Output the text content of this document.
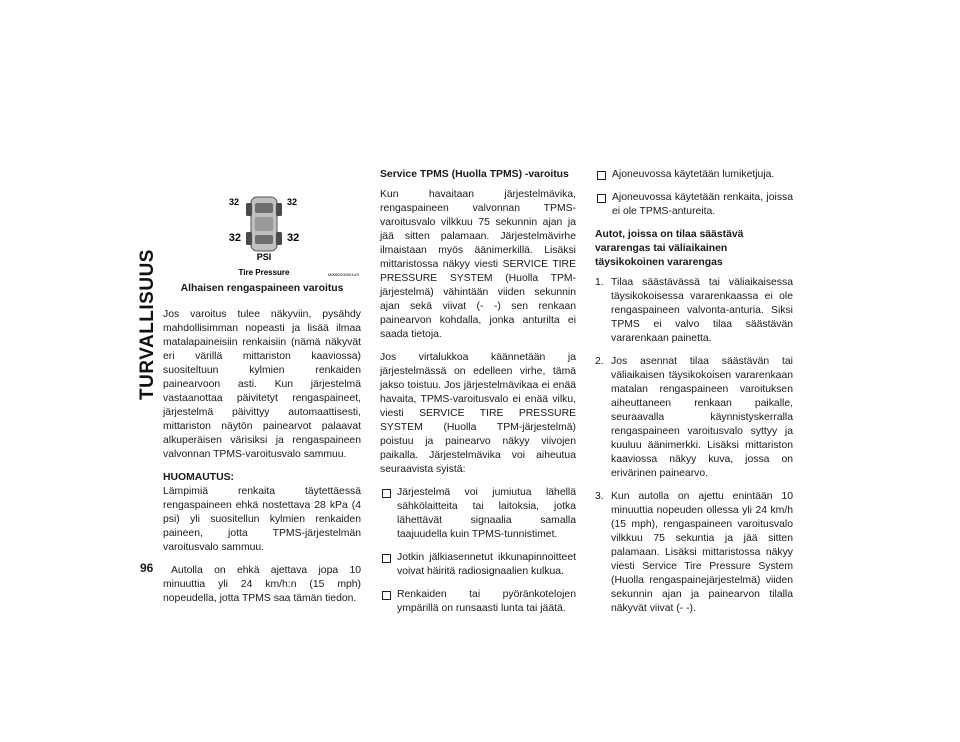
TURVALLISUUS
96
32	32
32	32
PSI
Tire Pressure	M0052000001US
Alhaisen rengaspaineen varoitus

Jos varoitus tulee näkyviin, pysähdy mahdollisimman nopeasti ja lisää ilmaa matalapaineisiin renkaisiin (nämä näkyvät eri värillä mittariston kaaviossa) suositeltuun kylmien renkaiden painearvoon asti. Kun järjestelmä vastaanottaa päivitetyt rengaspaineet, järjestelmä päivittyy automaattisesti, mittariston näytön painearvot palaavat alkuperäisen värisiksi ja rengaspaineen valvonnan TPMS-varoitusvalo sammuu.

HUOMAUTUS:

Lämpimiä renkaita täytettäessä rengaspaineen ehkä nostettava 28 kPa (4 psi) yli suositellun kylmien renkaiden paineen, jotta TPMS-järjestelmän varoitusvalo sammuu.

Autolla on ehkä ajettava jopa 10 minuuttia yli 24 km/h:n (15 mph) nopeudella, jotta TPMS saa tämän tiedon.

Service TPMS (Huolla TPMS) -varoitus

Kun havaitaan järjestelmävika, rengaspaineen valvonnan TPMS-varoitusvalo vilkkuu 75 sekunnin ajan ja jää sitten palamaan. Järjestelmävirhe ilmaistaan myös äänimerkillä. Lisäksi mittaristossa näkyy viesti SERVICE TIRE PRESSURE SYSTEM (Huolla TPM-järjestelmä) vähintään viiden sekunnin ajan sekä viivat (- -) sen renkaan painearvon kohdalla, jonka anturilta ei saada tietoja.

Jos virtalukkoa käännetään ja järjestelmässä on edelleen virhe, tämä jakso toistuu. Jos järjestelmävikaa ei enää havaita, TPMS-varoitusvalo ei enää vilku, viesti SERVICE TIRE PRESSURE SYSTEM (Huolla TPM-järjestelmä) poistuu ja painearvo näkyy viivojen paikalla. Järjestelmävika voi aiheutua seuraavista syistä:

Järjestelmä voi jumiutua lähellä sähkölaitteita tai laitoksia, jotka lähettävät signaalia samalla taajuudella kuin TPMS-tunnistimet.
Jotkin jälkiasennetut ikkunapinnoitteet voivat häiritä radiosignaalien kulkua.
Renkaiden tai pyöränkotelojen ympärillä on runsaasti lunta tai jäätä.
Ajoneuvossa käytetään lumiketjuja.
Ajoneuvossa käytetään renkaita, joissa ei ole TPMS-antureita.
Autot, joissa on tilaa säästävä vararengas tai väliaikainen täysikokoinen vararengas
1. Tilaa säästävässä tai väliaikaisessa täysikokoisessa vararenkaassa ei ole rengaspaineen valvonta-anturia. Siksi TPMS ei valvo tilaa säästävän vararenkaan painetta.
2. Jos asennat tilaa säästävän tai väliaikaisen täysikokoisen vararenkaan matalan rengaspaineen varoituksen aiheuttaneen renkaan paikalle, seuraavalla käynnistyskerralla rengaspaineen varoitusvalo syttyy ja kuuluu äänimerkki. Lisäksi mittariston kaaviossa näkyy kuva, jossa on erivärinen painearvo.
3. Kun autolla on ajettu enintään 10 minuuttia nopeuden ollessa yli 24 km/h (15 mph), rengaspaineen varoitusvalo vilkkuu 75 sekuntia ja jää sitten palamaan. Lisäksi mittaristossa näkyy viesti Service Tire Pressure System (Huolla rengaspainejärjestelmä) viiden sekunnin ajan ja painearvon tilalla näkyvät viivat (- -).
